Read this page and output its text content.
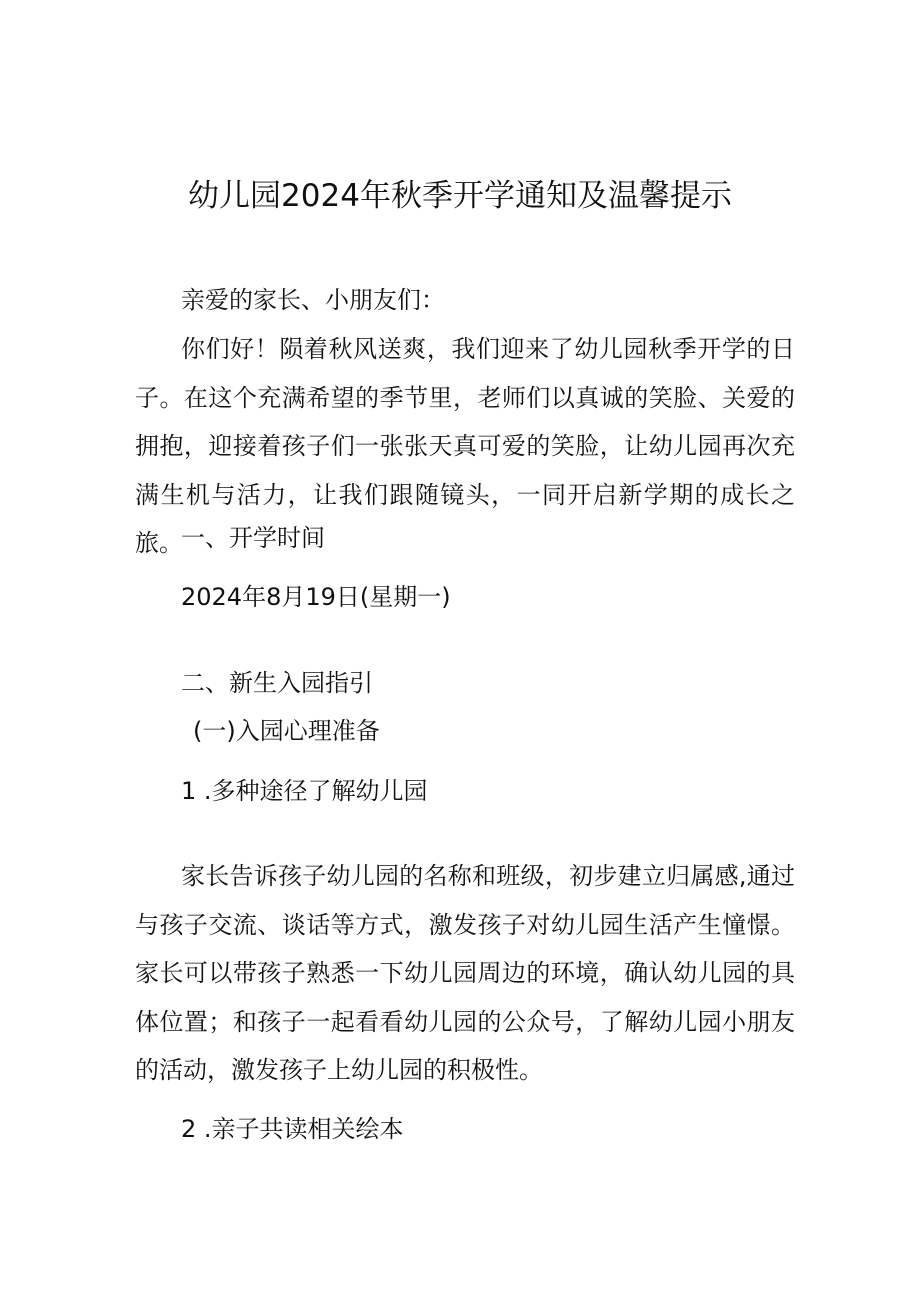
幼儿园2024年秋季开学通知及温馨提示
亲爱的家长、小朋友们：
你们好！陨着秋风送爽，我们迎来了幼儿园秋季开学的日子。在这个充满希望的季节里，老师们以真诚的笑脸、关爱的拥抱，迎接着孩子们一张张天真可爱的笑脸，让幼儿园再次充满生机与活力，让我们跟随镜头，一同开启新学期的成长之旅。
一、开学时间
2024年8月19日(星期一)
二、新生入园指引
(一)入园心理准备
1 .多种途径了解幼儿园
家长告诉孩子幼儿园的名称和班级，初步建立归属感,通过与孩子交流、谈话等方式，激发孩子对幼儿园生活产生憧憬。家长可以带孩子熟悉一下幼儿园周边的环境，确认幼儿园的具体位置；和孩子一起看看幼儿园的公众号，了解幼儿园小朋友的活动，激发孩子上幼儿园的积极性。
2 .亲子共读相关绘本
